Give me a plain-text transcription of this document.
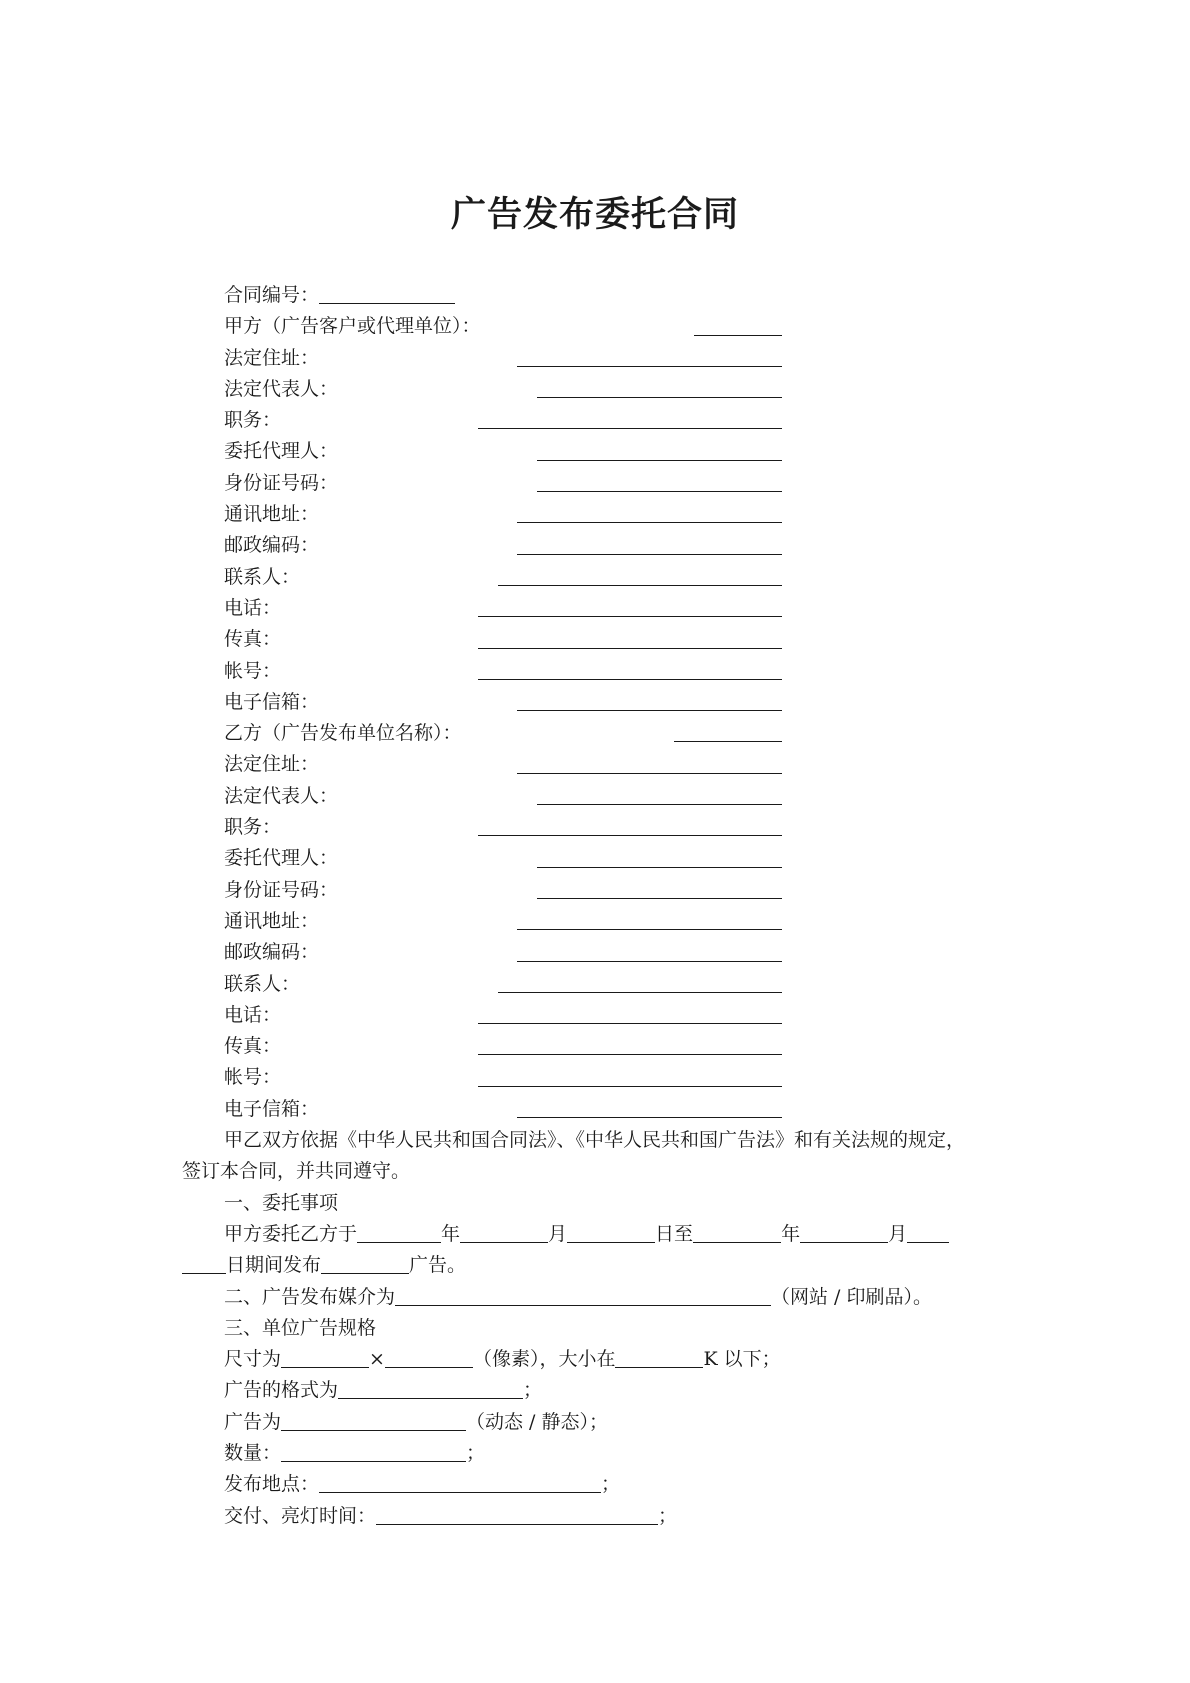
广告发布委托合同
合同编号：
甲方（广告客户或代理单位）：
法定住址：
法定代表人：
职务：
委托代理人：
身份证号码：
通讯地址：
邮政编码：
联系人：
电话：
传真：
帐号：
电子信箱：
乙方（广告发布单位名称）：
法定住址：
法定代表人：
职务：
委托代理人：
身份证号码：
通讯地址：
邮政编码：
联系人：
电话：
传真：
帐号：
电子信箱：
甲乙双方依据《中华人民共和国合同法》、《中华人民共和国广告法》和有关法规的规定，
签订本合同，并共同遵守。
一、委托事项
甲方委托乙方于	年	月	日至	年	月
日期间发布	广告。
二、广告发布媒介为	（网站 / 印刷品）。
三、单位广告规格
尺寸为	×	（像素），大小在	K 以下；
广告的格式为	；
广告为	（动态 / 静态）；
数量：	；
发布地点：	；
交付、亮灯时间：	；
